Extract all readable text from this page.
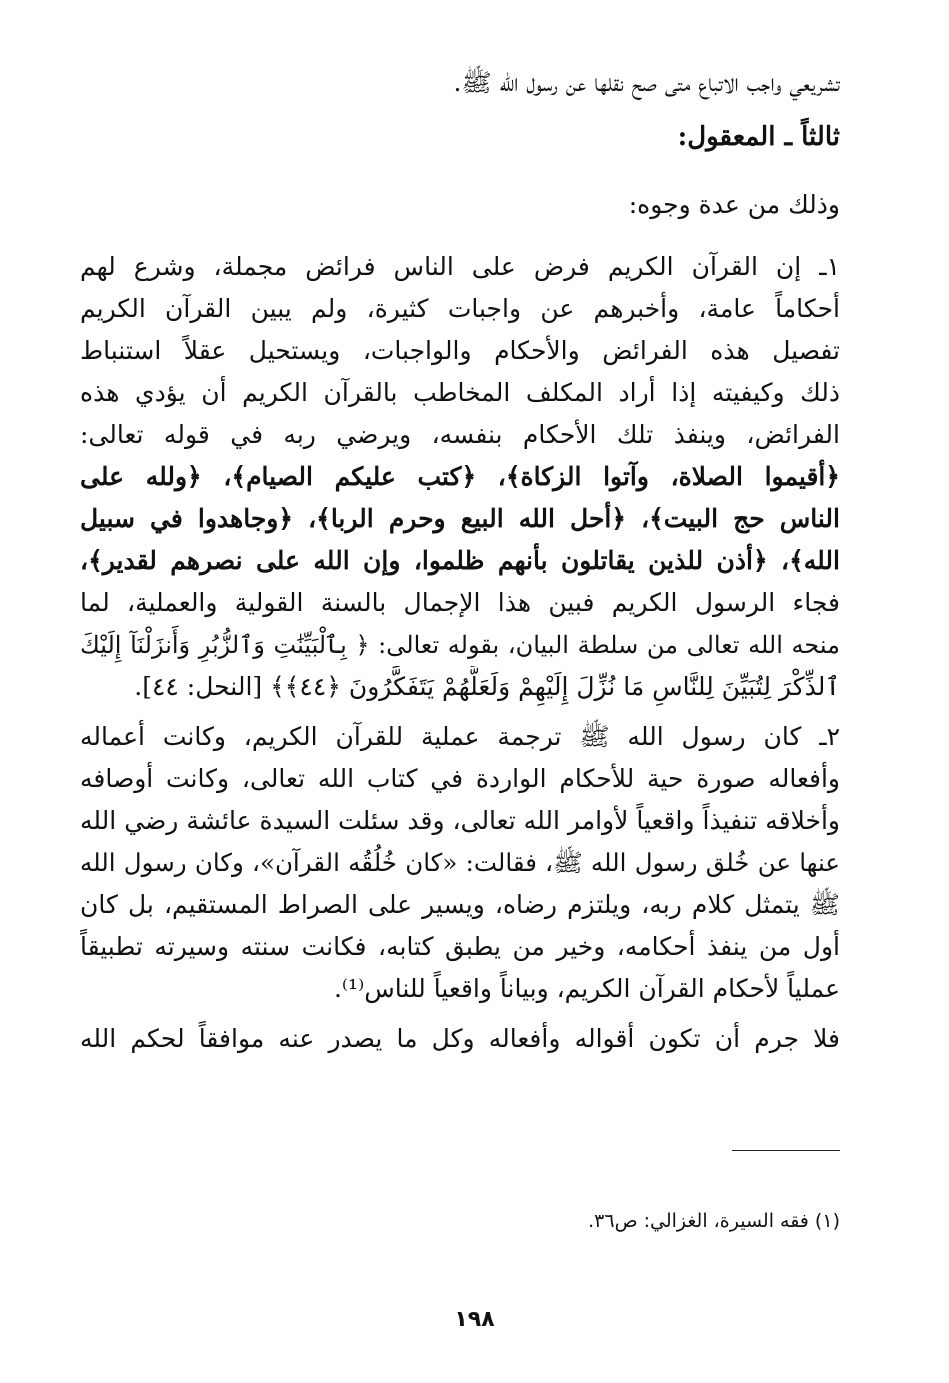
تشريعي واجب الاتباع متى صح نقلها عن رسول الله ﷺ.
ثالثاً ـ المعقول:
وذلك من عدة وجوه:
١ـ إن القرآن الكريم فرض على الناس فرائض مجملة، وشرع لهم
أحكاماً عامة، وأخبرهم عن واجبات كثيرة، ولم يبين القرآن الكريم
تفصيل هذه الفرائض والأحكام والواجبات، ويستحيل عقلاً استنباط
ذلك وكيفيته إذا أراد المكلف المخاطب بالقرآن الكريم أن يؤدي هذه
الفرائض، وينفذ تلك الأحكام بنفسه، ويرضي ربه في قوله تعالى:
﴿أقيموا الصلاة، وآتوا الزكاة﴾، ﴿كتب عليكم الصيام﴾، ﴿ولله على
الناس حج البيت﴾، ﴿أحل الله البيع وحرم الربا﴾، ﴿وجاهدوا في سبيل
الله﴾، ﴿أذن للذين يقاتلون بأنهم ظلموا، وإن الله على نصرهم لقدير﴾،
فجاء الرسول الكريم فبين هذا الإجمال بالسنة القولية والعملية، لما
منحه الله تعالى من سلطة البيان، بقوله تعالى: ﴿ بِٱلْبَيِّنَٰتِ وَٱلزُّبُرِ وَأَنزَلْنَآ إِلَيْكَ
ٱلذِّكْرَ لِتُبَيِّنَ لِلنَّاسِ مَا نُزِّلَ إِلَيْهِمْ وَلَعَلَّهُمْ يَتَفَكَّرُونَ ﴿٤٤﴾﴾ [النحل: ٤٤].
٢ـ كان رسول الله ﷺ ترجمة عملية للقرآن الكريم، وكانت أعماله
وأفعاله صورة حية للأحكام الواردة في كتاب الله تعالى، وكانت أوصافه
وأخلاقه تنفيذاً واقعياً لأوامر الله تعالى، وقد سئلت السيدة عائشة رضي الله
عنها عن خُلق رسول الله ﷺ، فقالت: «كان خُلُقُه القرآن»، وكان رسول الله
ﷺ يتمثل كلام ربه، ويلتزم رضاه، ويسير على الصراط المستقيم، بل كان
أول من ينفذ أحكامه، وخير من يطبق كتابه، فكانت سنته وسيرته تطبيقاً
عملياً لأحكام القرآن الكريم، وبياناً واقعياً للناس⁽¹⁾.
فلا جرم أن تكون أقواله وأفعاله وكل ما يصدر عنه موافقاً لحكم الله
(١) فقه السيرة، الغزالي: ص٣٦.
١٩٨
